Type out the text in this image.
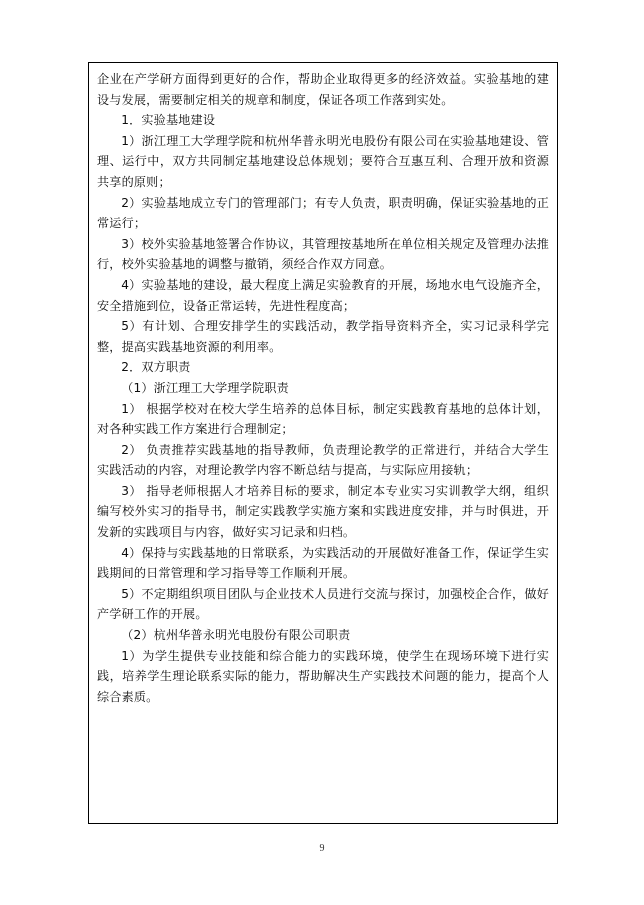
企业在产学研方面得到更好的合作，帮助企业取得更多的经济效益。实验基地的建设与发展，需要制定相关的规章和制度，保证各项工作落到实处。

1．实验基地建设

1）浙江理工大学理学院和杭州华普永明光电股份有限公司在实验基地建设、管理、运行中，双方共同制定基地建设总体规划；要符合互惠互利、合理开放和资源共享的原则；

2）实验基地成立专门的管理部门；有专人负责，职责明确，保证实验基地的正常运行；

3）校外实验基地签署合作协议，其管理按基地所在单位相关规定及管理办法推行，校外实验基地的调整与撤销，须经合作双方同意。

4）实验基地的建设，最大程度上满足实验教育的开展，场地水电气设施齐全，安全措施到位，设备正常运转，先进性程度高；

5）有计划、合理安排学生的实践活动，教学指导资料齐全，实习记录科学完整，提高实践基地资源的利用率。

2．双方职责

（1）浙江理工大学理学院职责

1） 根据学校对在校大学生培养的总体目标，制定实践教育基地的总体计划，对各种实践工作方案进行合理制定；

2） 负责推荐实践基地的指导教师，负责理论教学的正常进行，并结合大学生实践活动的内容，对理论教学内容不断总结与提高，与实际应用接轨；

3） 指导老师根据人才培养目标的要求，制定本专业实习实训教学大纲，组织编写校外实习的指导书，制定实践教学实施方案和实践进度安排，并与时俱进，开发新的实践项目与内容，做好实习记录和归档。

4）保持与实践基地的日常联系，为实践活动的开展做好准备工作，保证学生实践期间的日常管理和学习指导等工作顺利开展。

5）不定期组织项目团队与企业技术人员进行交流与探讨，加强校企合作，做好产学研工作的开展。

（2）杭州华普永明光电股份有限公司职责

1）为学生提供专业技能和综合能力的实践环境，使学生在现场环境下进行实践，培养学生理论联系实际的能力，帮助解决生产实践技术问题的能力，提高个人综合素质。

9
